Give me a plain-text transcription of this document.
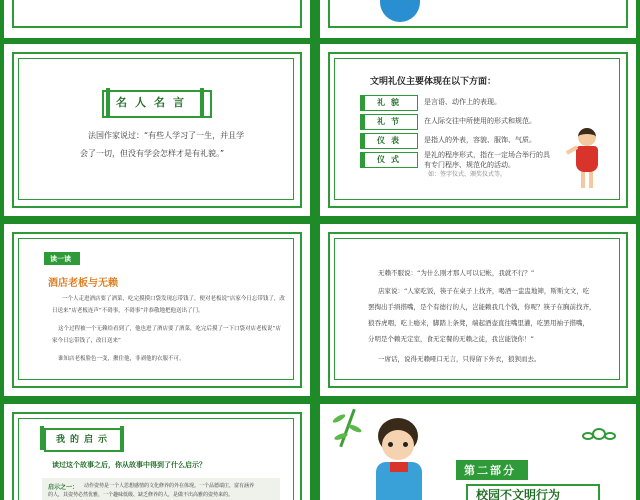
名人名言
法国作家说过：“有些人学习了一生，并且学
会了一切，但没有学会怎样才是有礼貌。”
文明礼仪主要体现在以下方面：
礼貌	是言语、动作上的表现。
礼节	在人际交往中所使用的形式和规范。
仪表	是指人的外表，容貌、服饰、气质。
仪式	是礼的程序形式，指在一定场合举行的具
有专门程序、规范化的活动。
如：签字仪式、颁奖仪式等。
读一读
酒店老板与无赖
一个人走进酒店要了酒菜，吃完摸摸口袋发现忘带钱了，便对老板说“店家今日忘带钱了，改
日送来”店老板连声“不碍事，不碍事”并恭敬地把他送出了门。
这个过程被一个无赖给看到了，他也进了酒店要了酒菜，吃完后摸了一下口袋对店老板说“店
家今日忘带钱了，改日送来”
谁知店老板脸色一变，揪住他，非剥他的衣服不可。
无赖不服说：“为什么刚才那人可以记帐，我就不行？”
店家说：“人家吃饭，筷子在桌子上找齐，喝酒一盅盅地筛，斯斯文文，吃
罢掏出手绢揩嘴，是个有德行的人，岂能赖我几个钱，你呢？筷子在胸前找齐，
狼吞虎咽，吃上瘾来，脚踏上条凳，端起酒壶直往嘴里灌，吃罢用袖子揩嘴，
分明是个赖无定室，食无定餐的无赖之徒，我岂能饶你！”
一席话，说得无赖哑口无言，只得留下外衣，狼狈而去。
我的启示
读过这个故事之后，你从故事中得到了什么启示？
启示之一： 动作姿势是一个人思想感情的文化修养的外在体现。一个品德端庄，富有涵养
的人，其姿势必然优雅，一个趣味低级、缺乏修养的人，是做不出高雅的姿势来的。
第二部分
校园不文明行为
